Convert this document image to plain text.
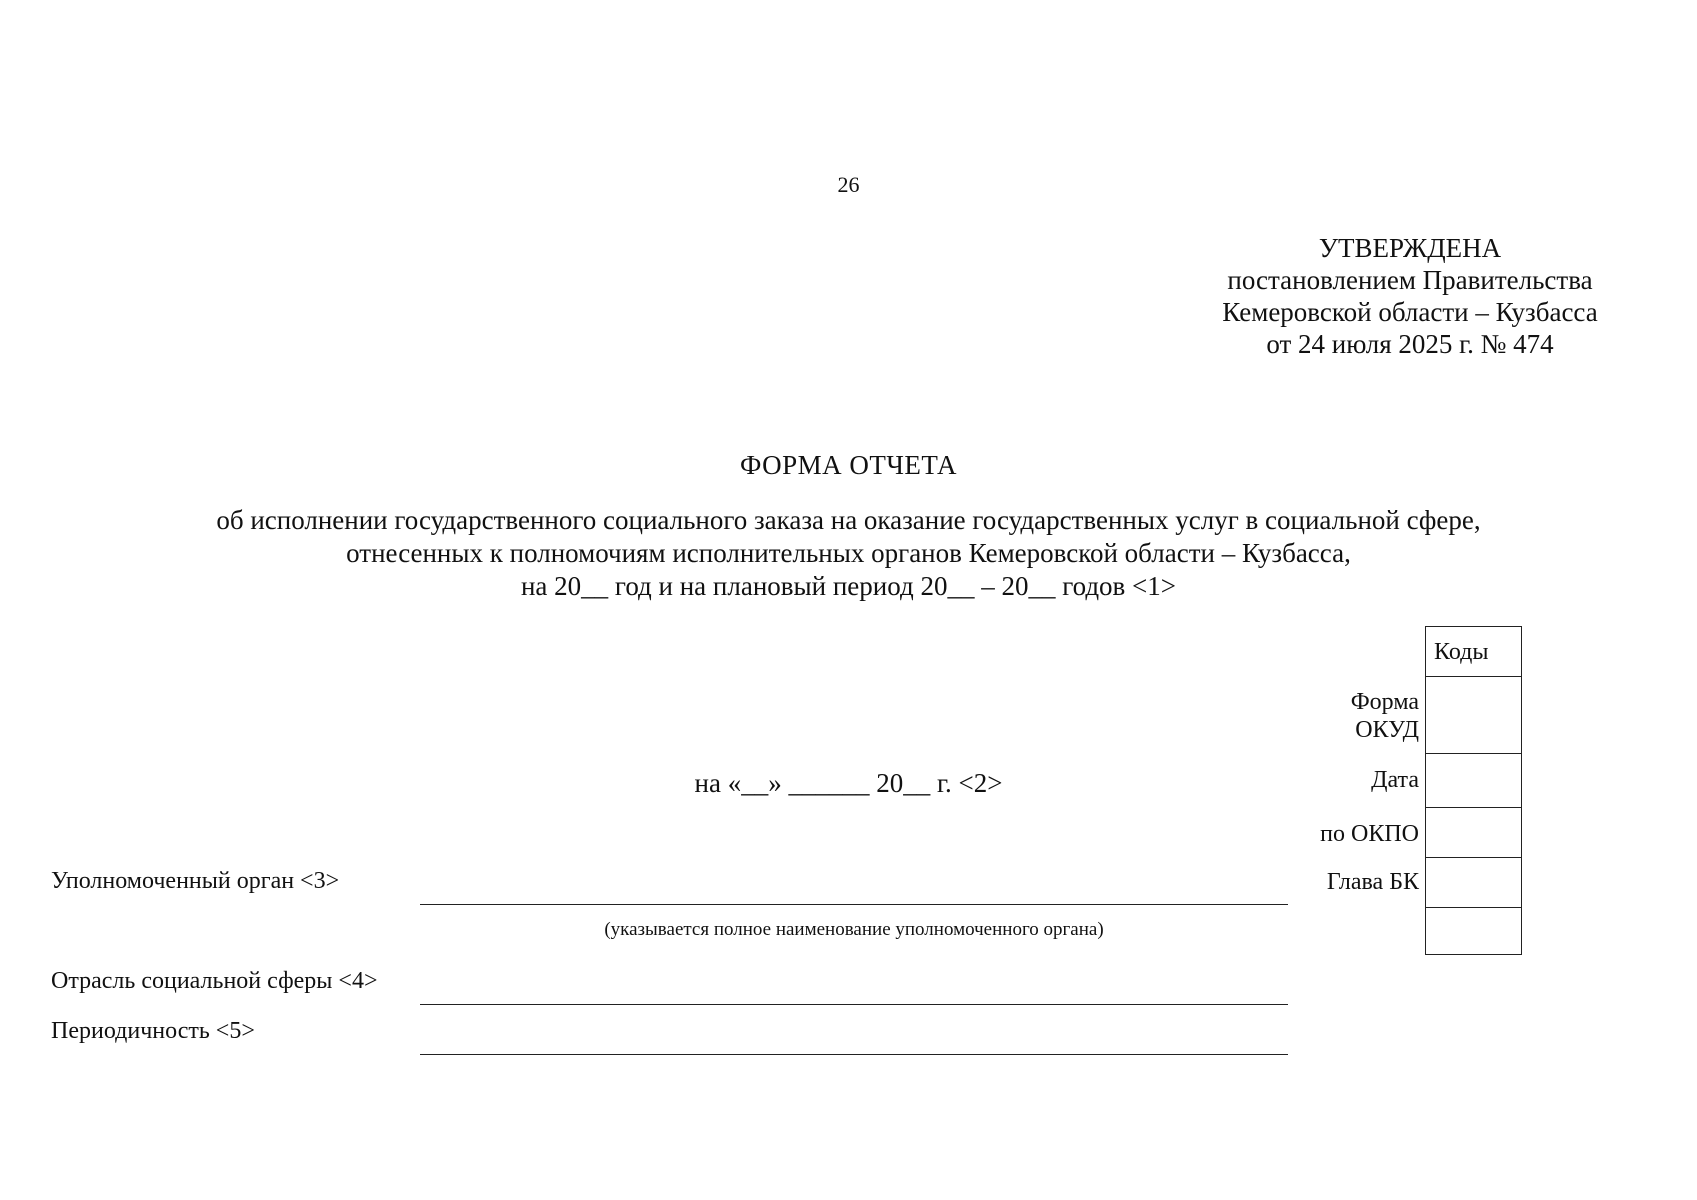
26
УТВЕРЖДЕНА
постановлением Правительства
Кемеровской области – Кузбасса
от 24 июля 2025 г. № 474
ФОРМА ОТЧЕТА
об исполнении государственного социального заказа на оказание государственных услуг в социальной сфере,
отнесенных к полномочиям исполнительных органов Кемеровской области – Кузбасса,
на 20__ год и на плановый период 20__ – 20__ годов <1>
на «__» ______ 20__ г. <2>
Форма
ОКУД
Дата
по ОКПО
Глава БК
Коды
Уполномоченный орган <3>
(указывается полное наименование уполномоченного органа)
Отрасль социальной сферы <4>
Периодичность <5>
